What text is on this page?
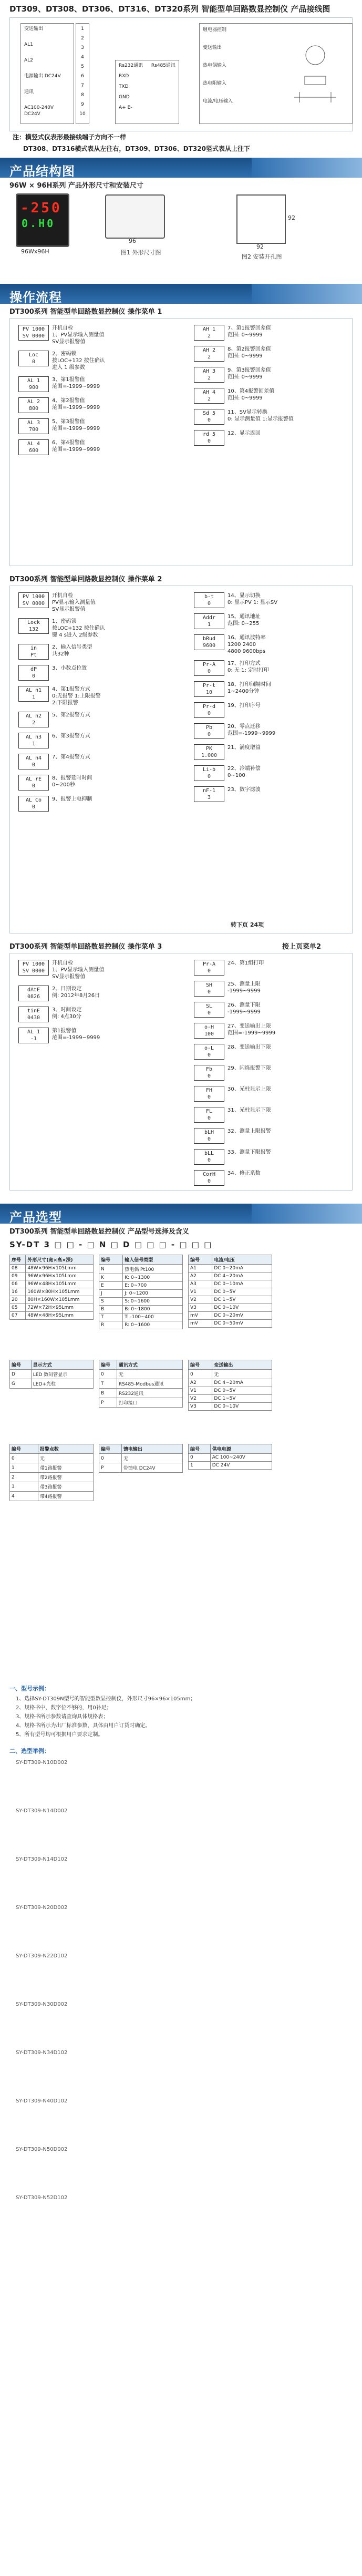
DT309、DT308、DT306、DT316、DT320系列 智能型单回路数显控制仪 产品接线图
变送输出
AL1
AL2
电源输出 DC24V
通讯
AC100-240V DC24V
1
2
3
4
5
6
7
8
9
10
Rs232通讯 Rs485通讯
RXD
TXD
GND
A+ B-
继电器控制
变送输出
热电偶输入
热电阻输入
电流/电压输入
注：横竖式仪表形最接线端子方向不一样
DT308、DT316横式表从左往右，DT309、DT306、DT320竖式表从上往下
产品结构图
96W × 96H系列 产品外形尺寸和安装尺寸
-250
0.H0
96Wx96H
96
图1 外形尺寸图
92
92
图2 安装开孔图
操作流程
DT300系列 智能型单回路数显控制仪 操作菜单 1
PV 1000
SV 0000
开机自检
1、PV显示输入测量值
SV显示报警值
Loc
0
2、密码锁
按LOC+132 按住确认
进入 1 级参数
AL 1
900
3、第1报警值
范围=-1999~9999
AL 2
800
4、第2报警值
范围=-1999~9999
AL 3
700
5、第3报警值
范围=-1999~9999
AL 4
600
6、第4报警值
范围=-1999~9999
AH 1
2
7、第1报警回差值
范围: 0~9999
AH 2
2
8、第2报警回差值
范围: 0~9999
AH 3
2
9、第3报警回差值
范围: 0~9999
AH 4
2
10、第4报警回差值
范围: 0~9999
Sd 5
0
11、SV显示转换
0: 显示测量值 1:显示报警值
rd 5
0
12、显示返回
DT300系列 智能型单回路数显控制仪 操作菜单 2
PV 1000
SV 0000
开机自检
PV显示输入测量值
SV显示报警值
Lock
132
1、密码锁
按LOC+132 按住确认
键 4 s进入 2级参数
in
Pt
2、输入信号类型
共32种
dP
0
3、小数点位置
AL n1
1
4、第1报警方式
0:无报警 1:上限报警
2:下限报警
AL n2
2
5、第2报警方式
AL n3
1
6、第3报警方式
AL n4
0
7、第4报警方式
AL rE
0
8、报警延时时间
0~200秒
AL Co
0
9、报警上电抑制
b-t
0
14、显示切换
0: 显示PV 1: 显示SV
Addr
1
15、通讯地址
范围: 0~255
bRud
9600
16、通讯波特率
1200 2400
4800 9600bps
Pr-A
0
17、打印方式
0: 无 1: 定时打印
Pr-t
10
18、打印间隔时间
1~2400分钟
Pr-d
0
19、打印序号
Pb
0
20、零点迁移
范围=-1999~9999
PK
1.000
21、满度增益
Li-b
0
22、冷端补偿
0~100
nF-1
3
23、数字滤波
转下页 24项
DT300系列 智能型单回路数显控制仪 操作菜单 3	接上页菜单2
PV 1000
SV 0000
开机自检
1、PV显示输入测量值
SV显示报警值
dAtE
0826
2、日期设定
例: 2012年8月26日
tinE
0430
3、时间设定
例: 4点30分
AL 1
-1
第1报警值
范围=-1999~9999
Pr-A
0
24、第1组打印
SH
0
25、测量上限
-1999~9999
SL
0
26、测量下限
-1999~9999
o-H
100
27、变送输出上限
范围=-1999~9999
o-L
0
28、变送输出下限
Fb
0
29、闪烁报警下限
FH
0
30、光柱显示上限
FL
0
31、光柱显示下限
bLH
0
32、测量上限报警
bLL
0
33、测量下限报警
CorH
0
34、修正系数
产品选型
DT300系列 智能型单回路数显控制仪 产品型号选择及含义
SY-DT 3 □ □ - □ N □ D □ □ □ - □ □ □
序号	外形尺寸(宽×高×深)
08	48W×96H×105Lmm
09	96W×96H×105Lmm
06	96W×48H×105Lmm
16	160W×80H×105Lmm
20	80H×160W×105Lmm
05	72W×72H×95Lmm
07	48W×48H×95Lmm
编号	输入信号类型
N	热电偶 Pt100
K	K: 0~1300
E	E: 0~700
J	J: 0~1200
S	S: 0~1600
B	B: 0~1800
T	T: -100~400
R	R: 0~1600
编号	电流/电压
A1	DC 0~20mA
A2	DC 4~20mA
A3	DC 0~10mA
V1	DC 0~5V
V2	DC 1~5V
V3	DC 0~10V
mV	DC 0~20mV
mV	DC 0~50mV
编号	显示方式
D	LED 数码管显示
G	LED+光柱
编号	通讯方式
0	无
T	RS485-Modbus通讯
B	RS232通讯
P	打印接口
编号	变送输出
0	无
A2	DC 4~20mA
V1	DC 0~5V
V2	DC 1~5V
V3	DC 0~10V
编号	报警点数
0	无
1	带1路报警
2	带2路报警
3	带3路报警
4	带4路报警
编号	馈电输出
0	无
P	带馈电 DC24V
编号	供电电源
0	AC 100~240V
1	DC 24V
一、型号示例：
1、选择SY-DT309N型号的智能型数显控制仪，外形尺寸96×96×105mm；
2、规格书中，数字位不够的，用0补足；
3、规格书所示参数请查询具体规格表；
4、规格书所示为出厂标准参数，具体由用户订货时确定。
5、所有型号均可根据用户要求定制。
二、选型举例：
SY-DT309-N10D002
SY-DT309-N14D002
SY-DT309-N14D102
SY-DT309-N20D002
SY-DT309-N22D102
SY-DT309-N30D002
SY-DT309-N34D102
SY-DT309-N40D102
SY-DT309-N50D002
SY-DT309-N52D102
